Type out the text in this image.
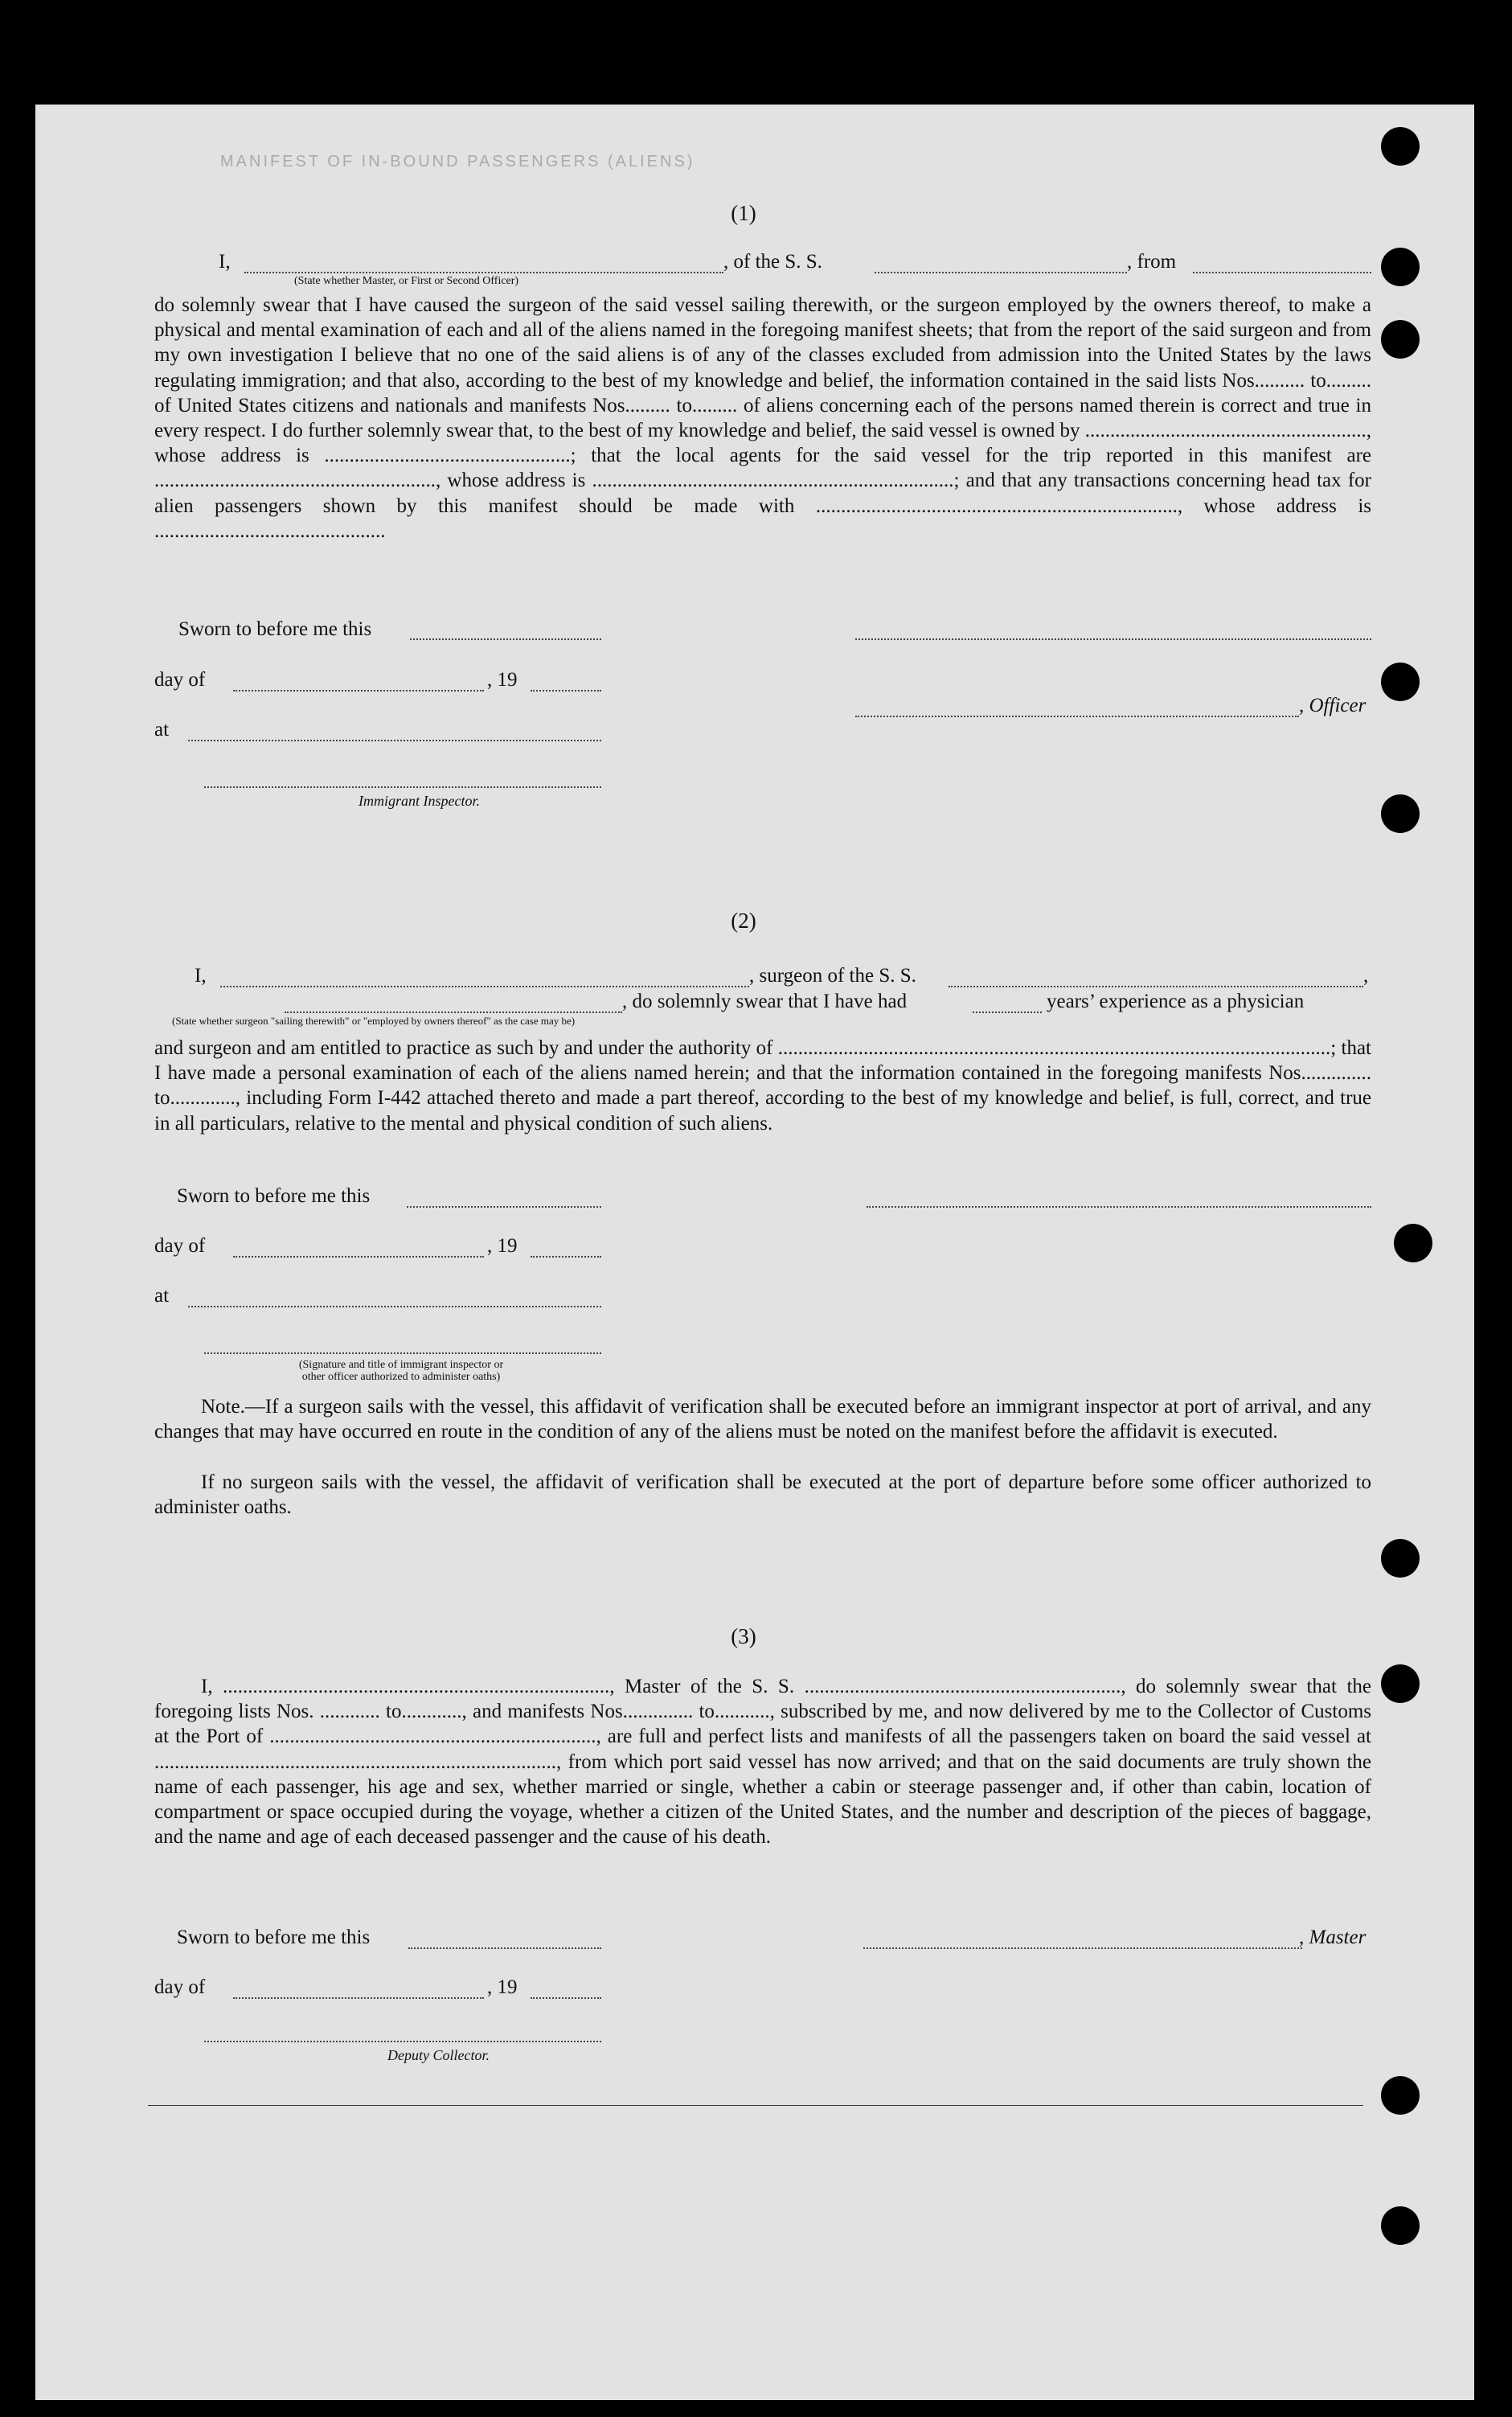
MANIFEST OF IN-BOUND PASSENGERS (ALIENS)
(1)
I,	, of the S. S.	, from
(State whether Master, or First or Second Officer)

do solemnly swear that I have caused the surgeon of the said vessel sailing therewith, or the surgeon employed by the owners thereof, to make a physical and mental examination of each and all of the aliens named in the foregoing manifest sheets; that from the report of the said surgeon and from my own investigation I believe that no one of the said aliens is of any of the classes excluded from admission into the United States by the laws regulating immigration; and that also, according to the best of my knowledge and belief, the information contained in the said lists Nos.......... to......... of United States citizens and nationals and manifests Nos......... to......... of aliens concerning each of the persons named therein is correct and true in every respect. I do further solemnly swear that, to the best of my knowledge and belief, the said vessel is owned by ........................................................, whose address is .................................................; that the local agents for the said vessel for the trip reported in this manifest are ........................................................, whose address is ........................................................................; and that any transactions concerning head tax for alien passengers shown by this manifest should be made with ........................................................................, whose address is ..............................................

Sworn to before me this
day of	, 19
, Officer
at
Immigrant Inspector.
(2)
I,	, surgeon of the S. S.	,
, do solemnly swear that I have had	years’ experience as a physician
(State whether surgeon "sailing therewith" or "employed by owners thereof" as the case may be)

and surgeon and am entitled to practice as such by and under the authority of ..............................................................................................................; that I have made a personal examination of each of the aliens named herein; and that the information contained in the foregoing manifests Nos.............. to............., including Form I-442 attached thereto and made a part thereof, according to the best of my knowledge and belief, is full, correct, and true in all particulars, relative to the mental and physical condition of such aliens.

Sworn to before me this
day of	, 19
at
(Signature and title of immigrant inspector or other officer authorized to administer oaths)

Note.—If a surgeon sails with the vessel, this affidavit of verification shall be executed before an immigrant inspector at port of arrival, and any changes that may have occurred en route in the condition of any of the aliens must be noted on the manifest before the affidavit is executed.

If no surgeon sails with the vessel, the affidavit of verification shall be executed at the port of departure before some officer authorized to administer oaths.

(3)

I, ............................................................................., Master of the S. S. ..............................................................., do solemnly swear that the foregoing lists Nos. ............ to............, and manifests Nos.............. to..........., subscribed by me, and now delivered by me to the Collector of Customs at the Port of ................................................................., are full and perfect lists and manifests of all the passengers taken on board the said vessel at ................................................................................, from which port said vessel has now arrived; and that on the said documents are truly shown the name of each passenger, his age and sex, whether married or single, whether a cabin or steerage passenger and, if other than cabin, location of compartment or space occupied during the voyage, whether a citizen of the United States, and the number and description of the pieces of baggage, and the name and age of each deceased passenger and the cause of his death.

Sworn to before me this	, Master
day of	, 19
Deputy Collector.
